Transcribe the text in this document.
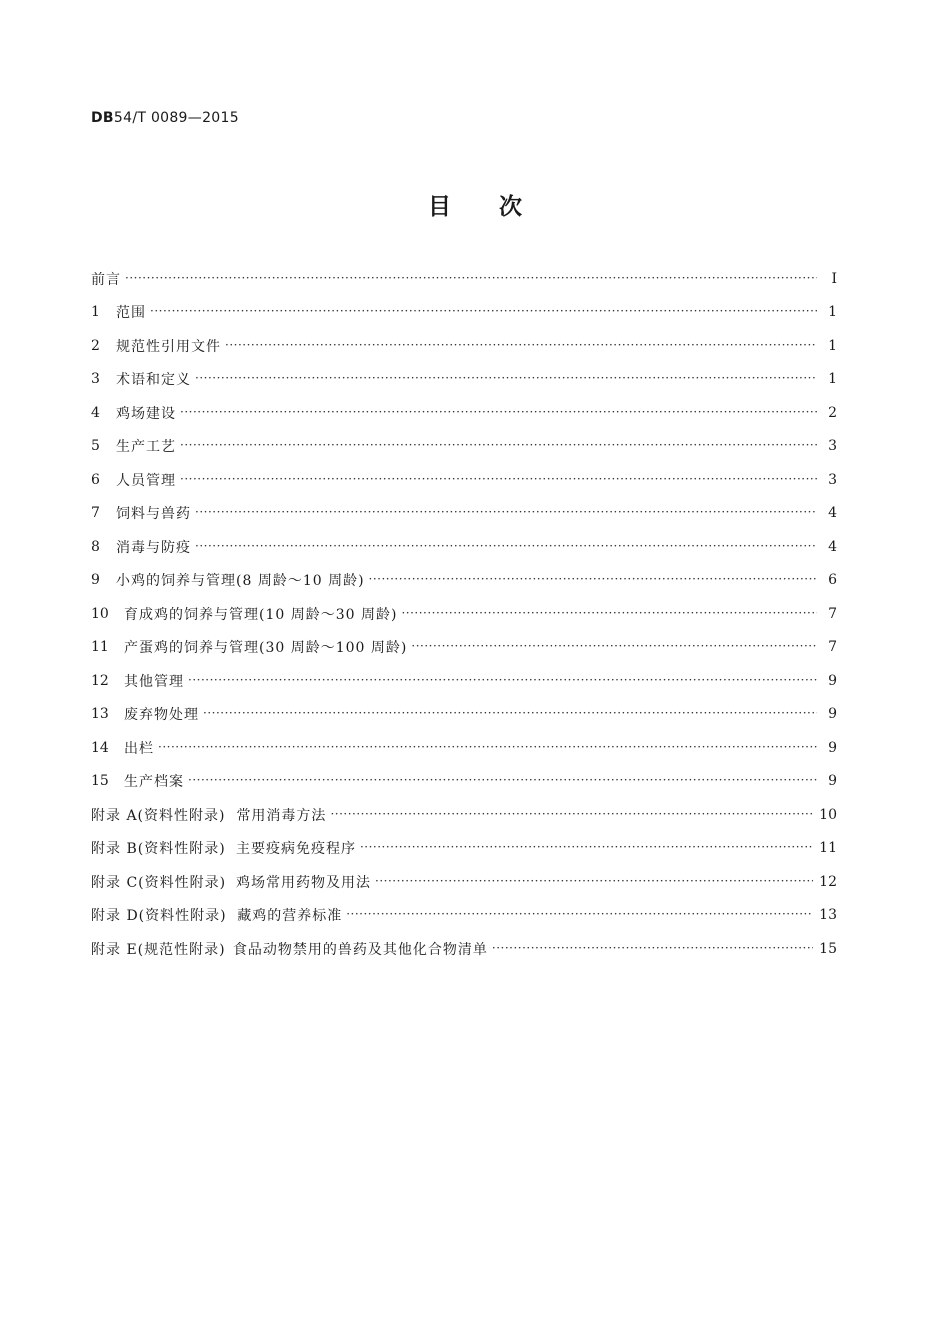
DB54/T 0089—2015
目次
前言 ·····	Ⅰ
1	范围 ·····	1
2	规范性引用文件 ·····	1
3	术语和定义 ·····	1
4	鸡场建设 ·····	2
5	生产工艺 ·····	3
6	人员管理 ·····	3
7	饲料与兽药 ·····	4
8	消毒与防疫 ·····	4
9	小鸡的饲养与管理(8 周龄～10 周龄) ·····	6
10	育成鸡的饲养与管理(10 周龄～30 周龄) ·····	7
11	产蛋鸡的饲养与管理(30 周龄～100 周龄) ·····	7
12	其他管理 ·····	9
13	废弃物处理 ·····	9
14	出栏 ·····	9
15	生产档案 ·····	9
附录 A(资料性附录) 常用消毒方法 ·····	10
附录 B(资料性附录) 主要疫病免疫程序 ·····	11
附录 C(资料性附录) 鸡场常用药物及用法 ·····	12
附录 D(资料性附录) 藏鸡的营养标准 ·····	13
附录 E(规范性附录) 食品动物禁用的兽药及其他化合物清单 ·····	15
